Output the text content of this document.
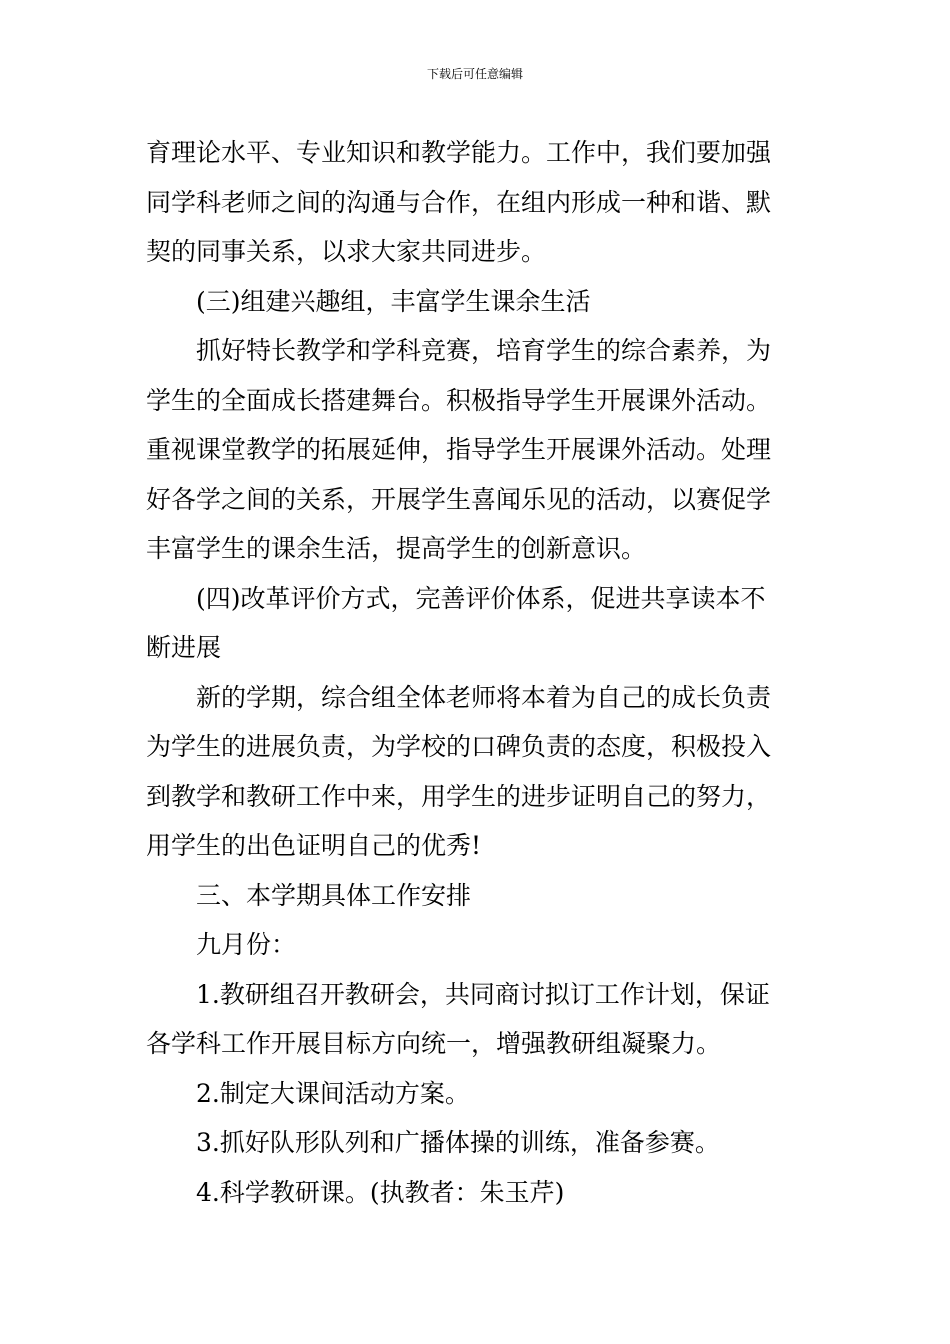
下载后可任意编辑
育理论水平、专业知识和教学能力。工作中，我们要加强
同学科老师之间的沟通与合作，在组内形成一种和谐、默
契的同事关系，以求大家共同进步。
(三)组建兴趣组，丰富学生课余生活
抓好特长教学和学科竞赛，培育学生的综合素养，为
学生的全面成长搭建舞台。积极指导学生开展课外活动。
重视课堂教学的拓展延伸，指导学生开展课外活动。处理
好各学之间的关系，开展学生喜闻乐见的活动，以赛促学
丰富学生的课余生活，提高学生的创新意识。
(四)改革评价方式，完善评价体系，促进共享读本不
断进展
新的学期，综合组全体老师将本着为自己的成长负责
为学生的进展负责，为学校的口碑负责的态度，积极投入
到教学和教研工作中来，用学生的进步证明自己的努力，
用学生的出色证明自己的优秀!
三、本学期具体工作安排
九月份：
1.教研组召开教研会，共同商讨拟订工作计划，保证
各学科工作开展目标方向统一，增强教研组凝聚力。
2.制定大课间活动方案。
3.抓好队形队列和广播体操的训练，准备参赛。
4.科学教研课。(执教者：朱玉芹)
